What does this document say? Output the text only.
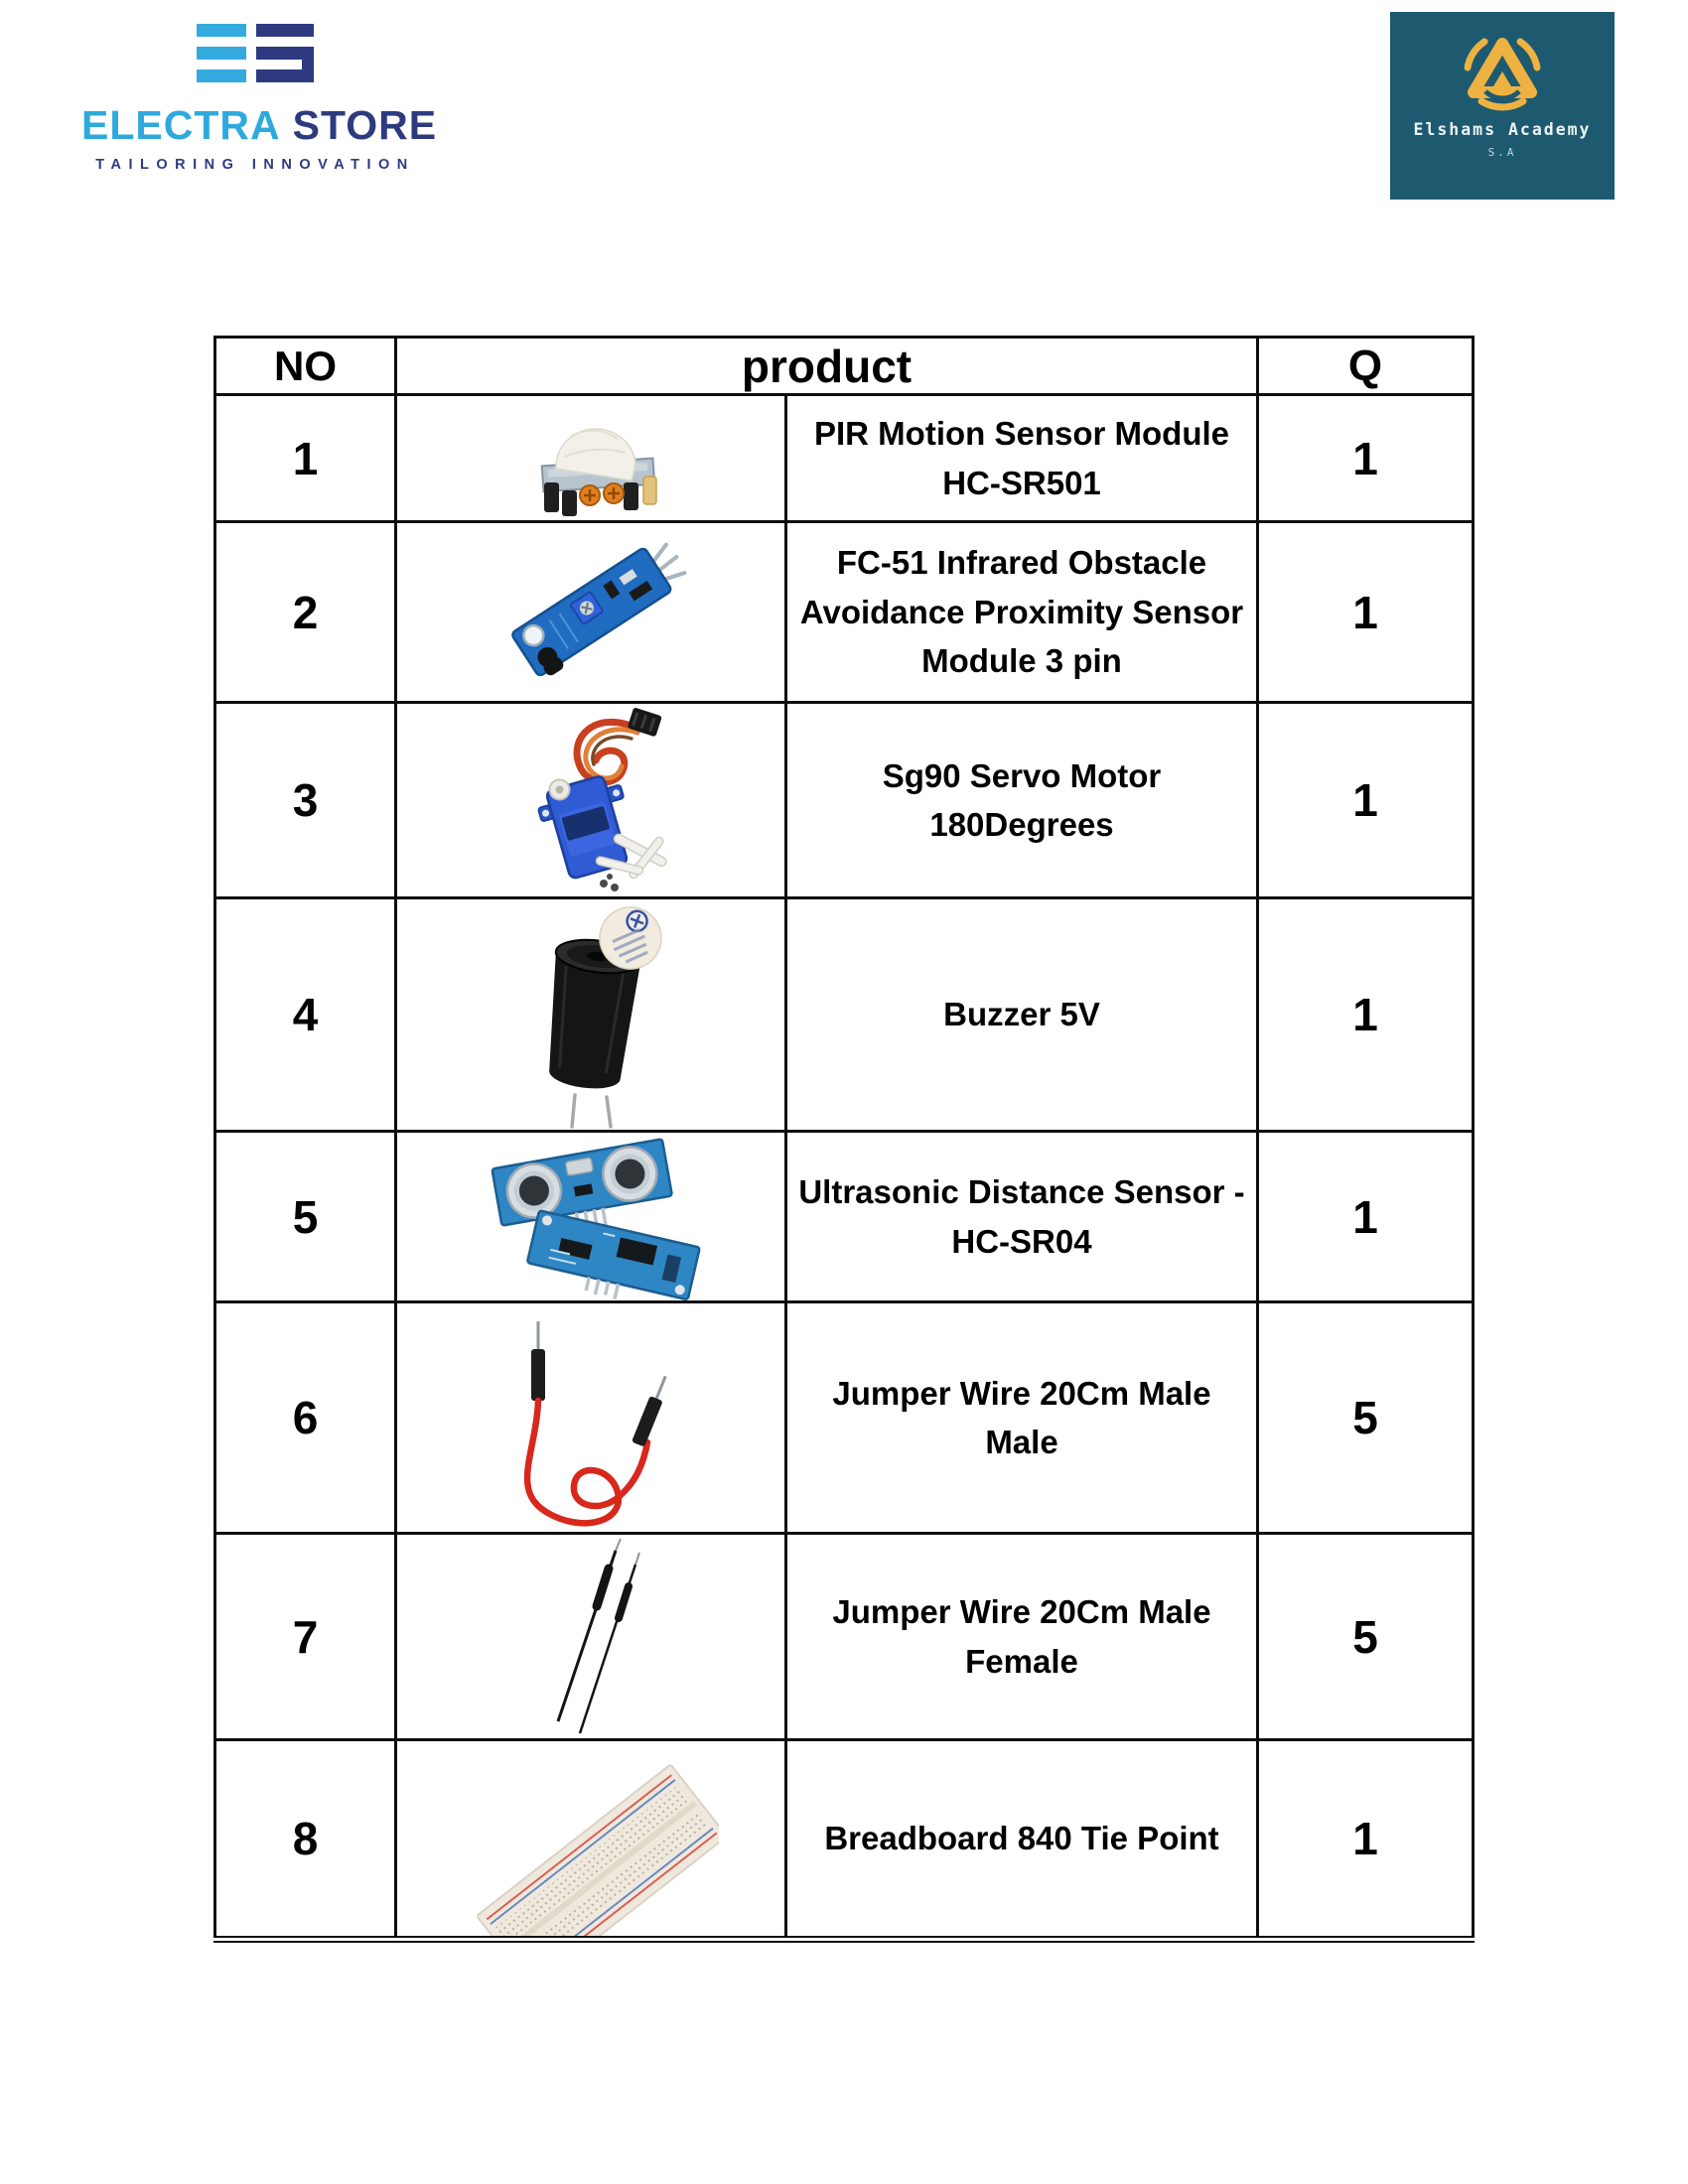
ELECTRA STORE
TAILORING INNOVATION
Elshams Academy
S.A
NO	product		Q
1		PIR Motion Sensor Module HC-SR501	1
2		FC-51 Infrared Obstacle Avoidance Proximity Sensor Module 3 pin	1
3		Sg90 Servo Motor 180Degrees	1
4		Buzzer 5V	1
5		Ultrasonic Distance Sensor - HC-SR04	1
6		Jumper Wire 20Cm Male Male	5
7		Jumper Wire 20Cm Male Female	5
8		Breadboard 840 Tie Point	1
